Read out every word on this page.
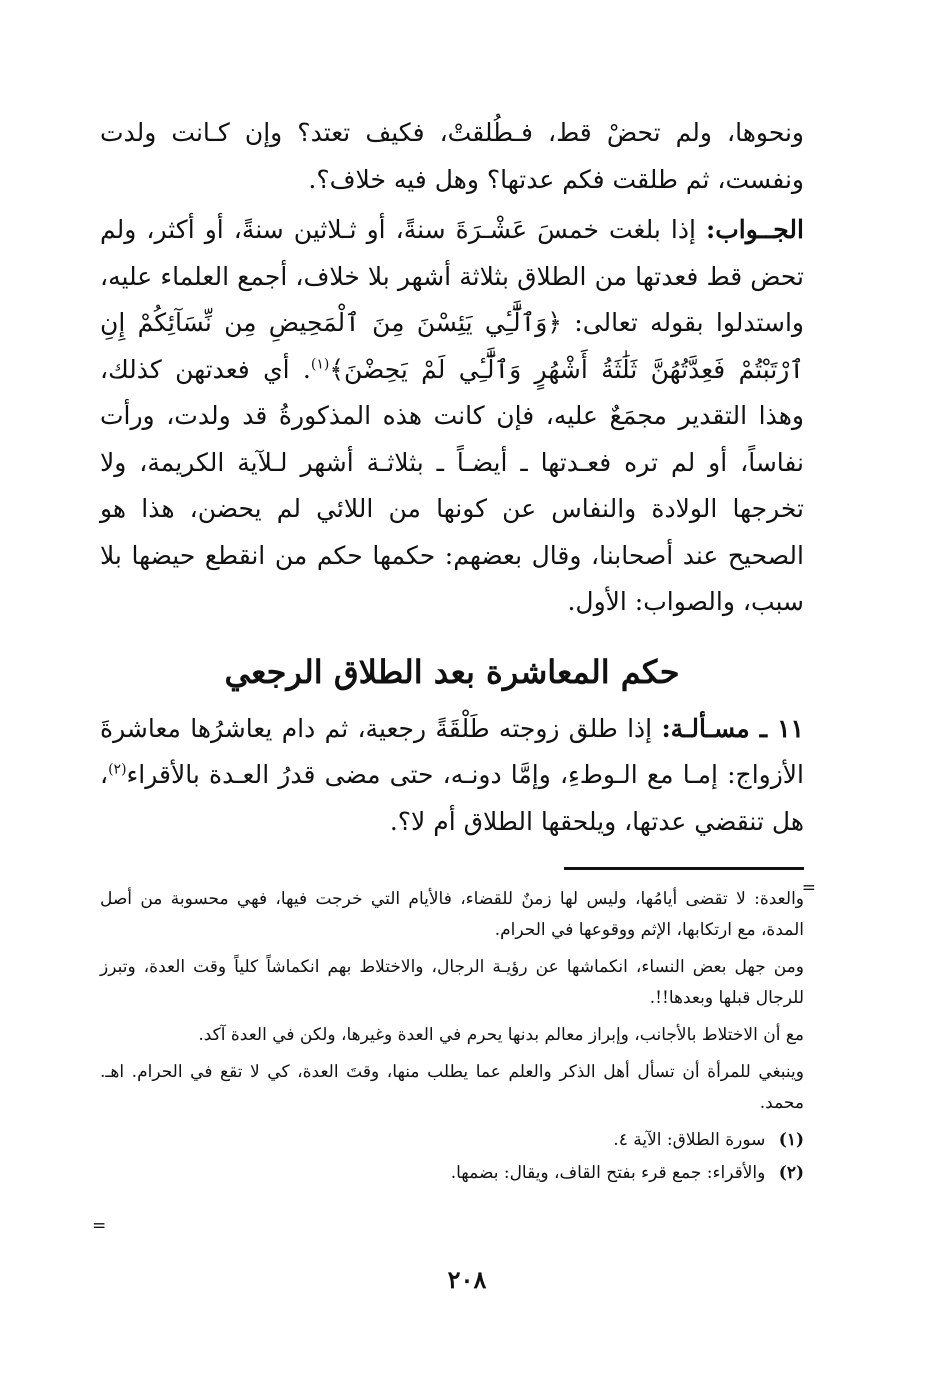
ونحوها، ولم تحضْ قط، فـطُلقتْ، فكيف تعتد؟ وإن كـانت ولدت ونفست، ثم طلقت فكم عدتها؟ وهل فيه خلاف؟.

الجــواب: إذا بلغت خمسَ عَشْـرَةَ سنةً، أو ثـلاثين سنةً، أو أكثر، ولم تحض قط فعدتها من الطلاق بثلاثة أشهر بلا خلاف، أجمع العلماء عليه، واستدلوا بقوله تعالى: ﴿وَٱلَّٰٓـِٔي يَئِسْنَ مِنَ ٱلْمَحِيضِ مِن نِّسَآئِكُمْ إِنِ ٱرْتَبْتُمْ فَعِدَّتُهُنَّ ثَلَٰثَةُ أَشْهُرٍ وَٱلَّٰٓـِٔي لَمْ يَحِضْنَ﴾$^{(١)}$. أي فعدتهن كذلك، وهذا التقدير مجمَعٌ عليه، فإن كانت هذه المذكورةُ قد ولدت، ورأت نفاساً، أو لم تره فعـدتها ـ أيضـاً ـ بثلاثـة أشهر لـلآية الكريمة، ولا تخرجها الولادة والنفاس عن كونها من اللائي لم يحضن، هذا هو الصحيح عند أصحابنا، وقال بعضهم: حكمها حكم من انقطع حيضها بلا سبب، والصواب: الأول.

حكم المعاشرة بعد الطلاق الرجعي

١١ ـ مسـألـة: إذا طلق زوجته طَلْقَةً رجعية، ثم دام يعاشرُها معاشرةَ الأزواج: إمـا مع الـوطءِ، وإمَّا دونـه، حتى مضى قدرُ العـدة بالأقراء$^{(٢)}$، هل تنقضي عدتها، ويلحقها الطلاق أم لا؟.

والعدة: لا تقضى أيامُها، وليس لها زمنٌ للقضاء، فالأيام التي خرجت فيها، فهي محسوبة من أصل المدة، مع ارتكابها، الإثم ووقوعها في الحرام.

ومن جهل بعض النساء، انكماشها عن رؤيـة الرجال، والاختلاط بهم انكماشاً كلياً وقت العدة، وتبرز للرجال قبلها وبعدها!!.

مع أن الاختلاط بالأجانب، وإبراز معالم بدنها يحرم في العدة وغيرها، ولكن في العدة آكد.

وينبغي للمرأة أن تسأل أهل الذكر والعلم عما يطلب منها، وقتَ العدة، كي لا تقع في الحرام. اهـ. محمد.

(١) سورة الطلاق: الآية ٤.
(٢) والأقراء: جمع قرء بفتح القاف، ويقال: بضمها.
=
=
٢٠٨
